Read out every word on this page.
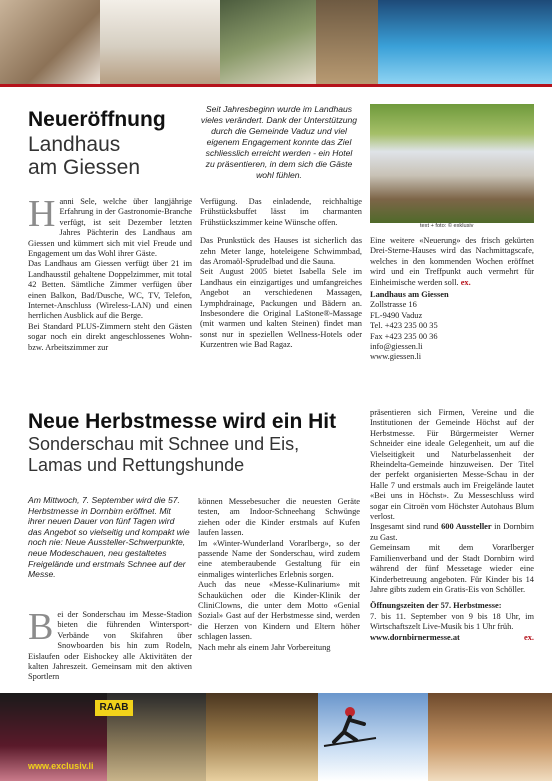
Neueröffnung
Landhaus
am Giessen
Seit Jahresbeginn wurde im Landhaus vieles verändert. Dank der Unterstützung durch die Gemeinde Vaduz und viel eigenem Engagement konnte das Ziel schliesslich erreicht werden - ein Hotel zu präsentieren, in dem sich die Gäste wohl fühlen.
H anni Sele, welche über langjährige Erfahrung in der Gastronomie-Branche verfügt, ist seit Dezember letzten Jahres Pächterin des Landhaus am Giessen und kümmert sich mit viel Freude und Engagement um das Wohl ihrer Gäste.

Das Landhaus am Giessen verfügt über 21 im Landhausstil gehaltene Doppelzimmer, mit total 42 Betten. Sämtliche Zimmer verfügen über einen Balkon, Bad/Dusche, WC, TV, Telefon, Internet-Anschluss (Wireless-LAN) und einen herrlichen Ausblick auf die Berge.

Bei Standard PLUS-Zimmern steht den Gästen sogar noch ein direkt angeschlossenes Wohn- bzw. Arbeitszimmer zur

Verfügung. Das einladende, reichhaltige Frühstücksbuffet lässt im charmanten Frühstückszimmer keine Wünsche offen.

Das Prunkstück des Hauses ist sicherlich das zehn Meter lange, hoteleigene Schwimmbad, das Aromaöl-Sprudelbad und die Sauna.

Seit August 2005 bietet Isabella Sele im Landhaus ein einzigartiges und umfangreiches Angebot an verschiedenen Massagen, Lymphdrainage, Packungen und Bädern an. Insbesondere die Original LaStone®-Massage (mit warmen und kalten Steinen) findet man sonst nur in speziellen Wellness-Hotels oder Kurzentren wie Bad Ragaz.

text + foto: © exklusiv

Eine weitere «Neuerung» des frisch gekürten Drei-Sterne-Hauses wird das Nachmittagscafe, welches in den kommenden Wochen eröffnet wird und ein Treffpunkt auch vermehrt für Einheimische werden soll. ex.

Landhaus am Giessen

Zollstrasse 16

FL-9490 Vaduz

Tel. +423 235 00 35

Fax +423 235 00 36

info@giessen.li

www.giessen.li

Neue Herbstmesse wird ein Hit
Sonderschau mit Schnee und Eis,
Lamas und Rettungshunde
Am Mittwoch, 7. September wird die 57. Herbstmesse in Dornbirn eröffnet. Mit ihrer neuen Dauer von fünf Tagen wird das Angebot so vielseitig und kompakt wie noch nie: Neue Aussteller-Schwerpunkte, neue Modeschauen, neu gestaltetes Freigelände und erstmals Schnee auf der Messe.
B ei der Sonderschau im Messe-Stadion bieten die führenden Wintersport-Verbände von Skifahren über Snowboarden bis hin zum Rodeln, Eislaufen oder Eishockey alle Aktivitäten der kalten Jahreszeit. Gemeinsam mit den aktiven Sportlern

können Messebesucher die neuesten Geräte testen, am Indoor-Schneehang Schwünge ziehen oder die Kinder erstmals auf Kufen laufen lassen.

Im «Winter-Wunderland Vorarlberg», so der passende Name der Sonderschau, wird zudem eine atemberaubende Gestaltung für ein einmaliges winterliches Erlebnis sorgen.

Auch das neue «Messe-Kulinarium» mit Schauküchen oder die Kinder-Klinik der CliniClowns, die unter dem Motto «Genial Sozial» Gast auf der Herbstmesse sind, werden die Herzen von Kindern und Eltern höher schlagen lassen.

Nach mehr als einem Jahr Vorbereitung

präsentieren sich Firmen, Vereine und die Institutionen der Gemeinde Höchst auf der Herbstmesse. Für Bürgermeister Werner Schneider eine ideale Gelegenheit, um auf die Vielseitigkeit und Naturbelassenheit der Rheindelta-Gemeinde hinzuweisen. Der Titel der perfekt organisierten Messe-Schau in der Halle 7 und erstmals auch im Freigelände lautet «Bei uns in Höchst». Zu Messeschluss wird sogar ein Citroën vom Höchster Autohaus Blum verlost.

Insgesamt sind rund 600 Aussteller in Dornbirn zu Gast.

Gemeinsam mit dem Vorarlberger Familienverband und der Stadt Dornbirn wird während der fünf Messetage wieder eine Kinderbetreuung angeboten. Für Kinder bis 14 Jahre gibts zudem ein Gratis-Eis von Schöller.

Öffnungszeiten der 57. Herbstmesse:

7. bis 11. September von 9 bis 18 Uhr, im Wirtschaftszelt Live-Musik bis 1 Uhr früh.

www.dornbirnermesse.at	ex.

RAAB
www.exclusiv.li
